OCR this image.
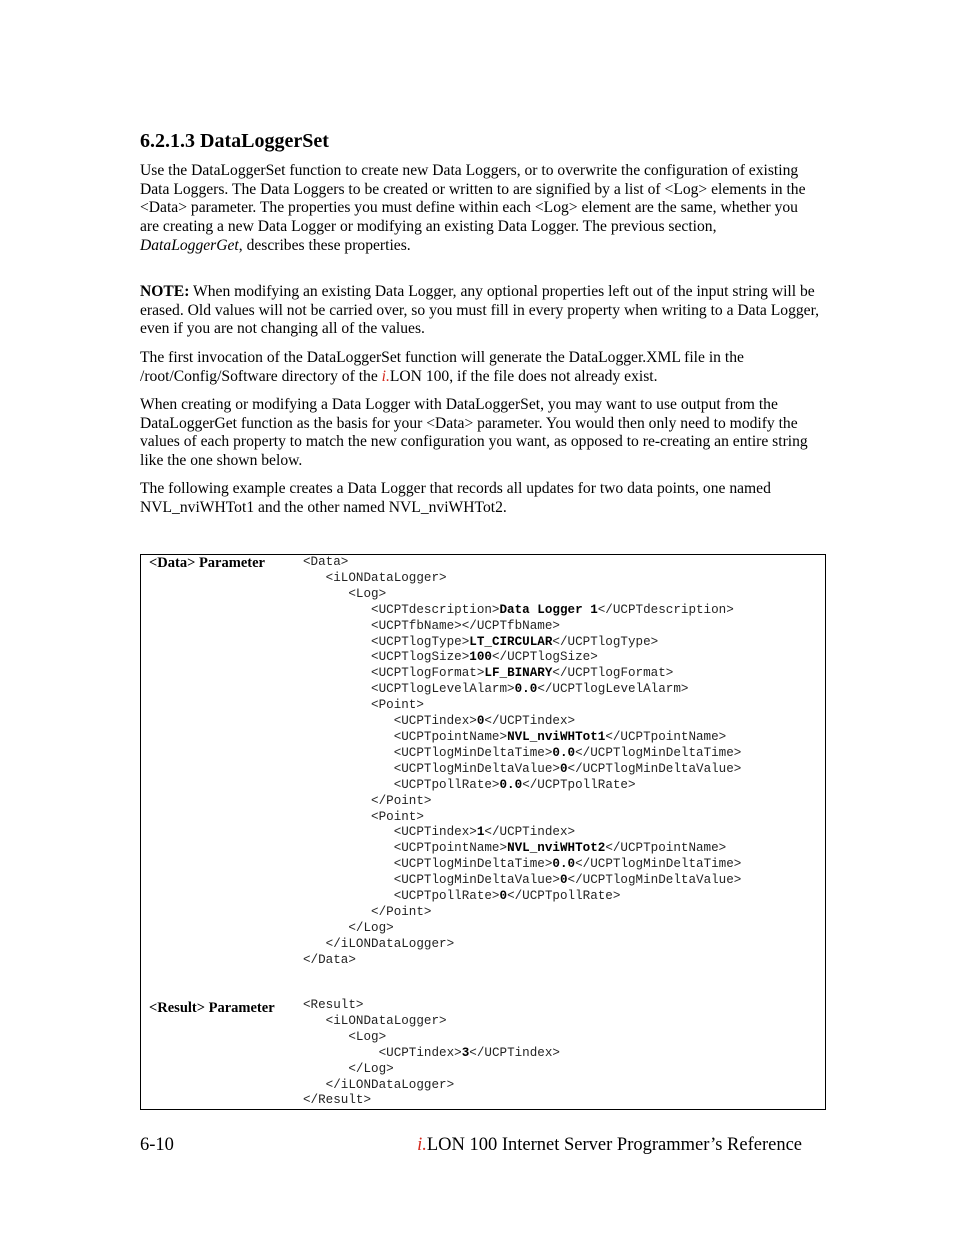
6.2.1.3 DataLoggerSet

Use the DataLoggerSet function to create new Data Loggers, or to overwrite the configuration of existing Data Loggers. The Data Loggers to be created or written to are signified by a list of <Log> elements in the <Data> parameter. The properties you must define within each <Log> element are the same, whether you are creating a new Data Logger or modifying an existing Data Logger. The previous section, DataLoggerGet, describes these properties.

NOTE: When modifying an existing Data Logger, any optional properties left out of the input string will be erased. Old values will not be carried over, so you must fill in every property when writing to a Data Logger, even if you are not changing all of the values.

The first invocation of the DataLoggerSet function will generate the DataLogger.XML file in the /root/Config/Software directory of the i.LON 100, if the file does not already exist.

When creating or modifying a Data Logger with DataLoggerSet, you may want to use output from the DataLoggerGet function as the basis for your <Data> parameter. You would then only need to modify the values of each property to match the new configuration you want, as opposed to re-creating an entire string like the one shown below.

The following example creates a Data Logger that records all updates for two data points, one named NVL_nviWHTot1 and the other named NVL_nviWHTot2.

<Data> Parameter	<Data>
<iLONDataLogger>
<Log>
<UCPTdescription>Data Logger 1</UCPTdescription>
<UCPTfbName></UCPTfbName>
<UCPTlogType>LT_CIRCULAR</UCPTlogType>
<UCPTlogSize>100</UCPTlogSize>
<UCPTlogFormat>LF_BINARY</UCPTlogFormat>
<UCPTlogLevelAlarm>0.0</UCPTlogLevelAlarm>
<Point>
<UCPTindex>0</UCPTindex>
<UCPTpointName>NVL_nviWHTot1</UCPTpointName>
<UCPTlogMinDeltaTime>0.0</UCPTlogMinDeltaTime>
<UCPTlogMinDeltaValue>0</UCPTlogMinDeltaValue>
<UCPTpollRate>0.0</UCPTpollRate>
</Point>
<Point>
<UCPTindex>1</UCPTindex>
<UCPTpointName>NVL_nviWHTot2</UCPTpointName>
<UCPTlogMinDeltaTime>0.0</UCPTlogMinDeltaTime>
<UCPTlogMinDeltaValue>0</UCPTlogMinDeltaValue>
<UCPTpollRate>0</UCPTpollRate>
</Point>
</Log>
</iLONDataLogger>
</Data>
<Result> Parameter <Result>
<iLONDataLogger>
<Log>
<UCPTindex>3</UCPTindex>
</Log>
</iLONDataLogger>
</Result>
6-10	i.LON 100 Internet Server Programmer’s Reference
